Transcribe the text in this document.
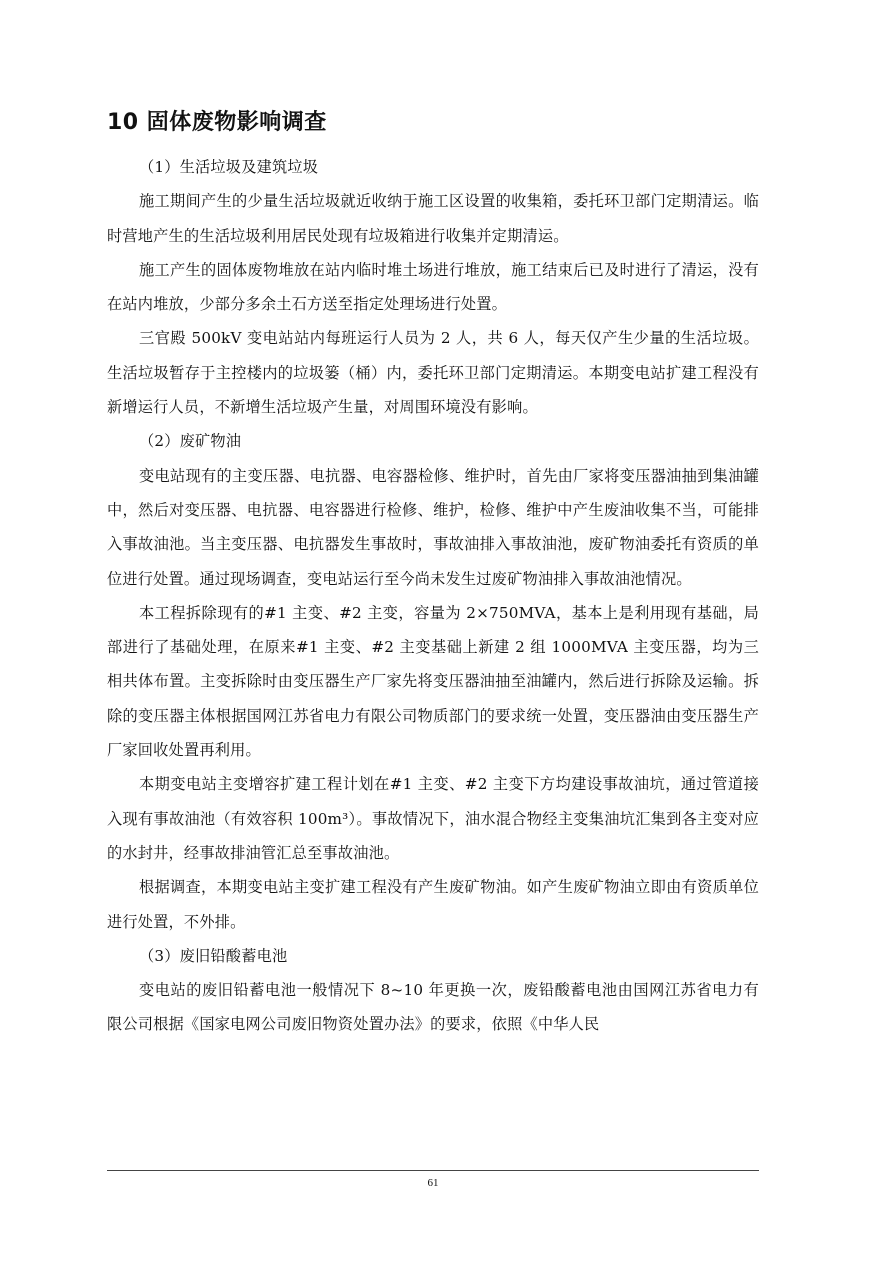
10 固体废物影响调查

（1）生活垃圾及建筑垃圾

施工期间产生的少量生活垃圾就近收纳于施工区设置的收集箱，委托环卫部门定期清运。临时营地产生的生活垃圾利用居民处现有垃圾箱进行收集并定期清运。

施工产生的固体废物堆放在站内临时堆土场进行堆放，施工结束后已及时进行了清运，没有在站内堆放，少部分多余土石方送至指定处理场进行处置。

三官殿 500kV 变电站站内每班运行人员为 2 人，共 6 人，每天仅产生少量的生活垃圾。生活垃圾暂存于主控楼内的垃圾篓（桶）内，委托环卫部门定期清运。本期变电站扩建工程没有新增运行人员，不新增生活垃圾产生量，对周围环境没有影响。

（2）废矿物油

变电站现有的主变压器、电抗器、电容器检修、维护时，首先由厂家将变压器油抽到集油罐中，然后对变压器、电抗器、电容器进行检修、维护，检修、维护中产生废油收集不当，可能排入事故油池。当主变压器、电抗器发生事故时，事故油排入事故油池，废矿物油委托有资质的单位进行处置。通过现场调查，变电站运行至今尚未发生过废矿物油排入事故油池情况。

本工程拆除现有的#1 主变、#2 主变，容量为 2×750MVA，基本上是利用现有基础，局部进行了基础处理，在原来#1 主变、#2 主变基础上新建 2 组 1000MVA 主变压器，均为三相共体布置。主变拆除时由变压器生产厂家先将变压器油抽至油罐内，然后进行拆除及运输。拆除的变压器主体根据国网江苏省电力有限公司物质部门的要求统一处置，变压器油由变压器生产厂家回收处置再利用。

本期变电站主变增容扩建工程计划在#1 主变、#2 主变下方均建设事故油坑，通过管道接入现有事故油池（有效容积 100m³）。事故情况下，油水混合物经主变集油坑汇集到各主变对应的水封井，经事故排油管汇总至事故油池。

根据调查，本期变电站主变扩建工程没有产生废矿物油。如产生废矿物油立即由有资质单位进行处置，不外排。

（3）废旧铅酸蓄电池

变电站的废旧铅蓄电池一般情况下 8~10 年更换一次，废铅酸蓄电池由国网江苏省电力有限公司根据《国家电网公司废旧物资处置办法》的要求，依照《中华人民

61
